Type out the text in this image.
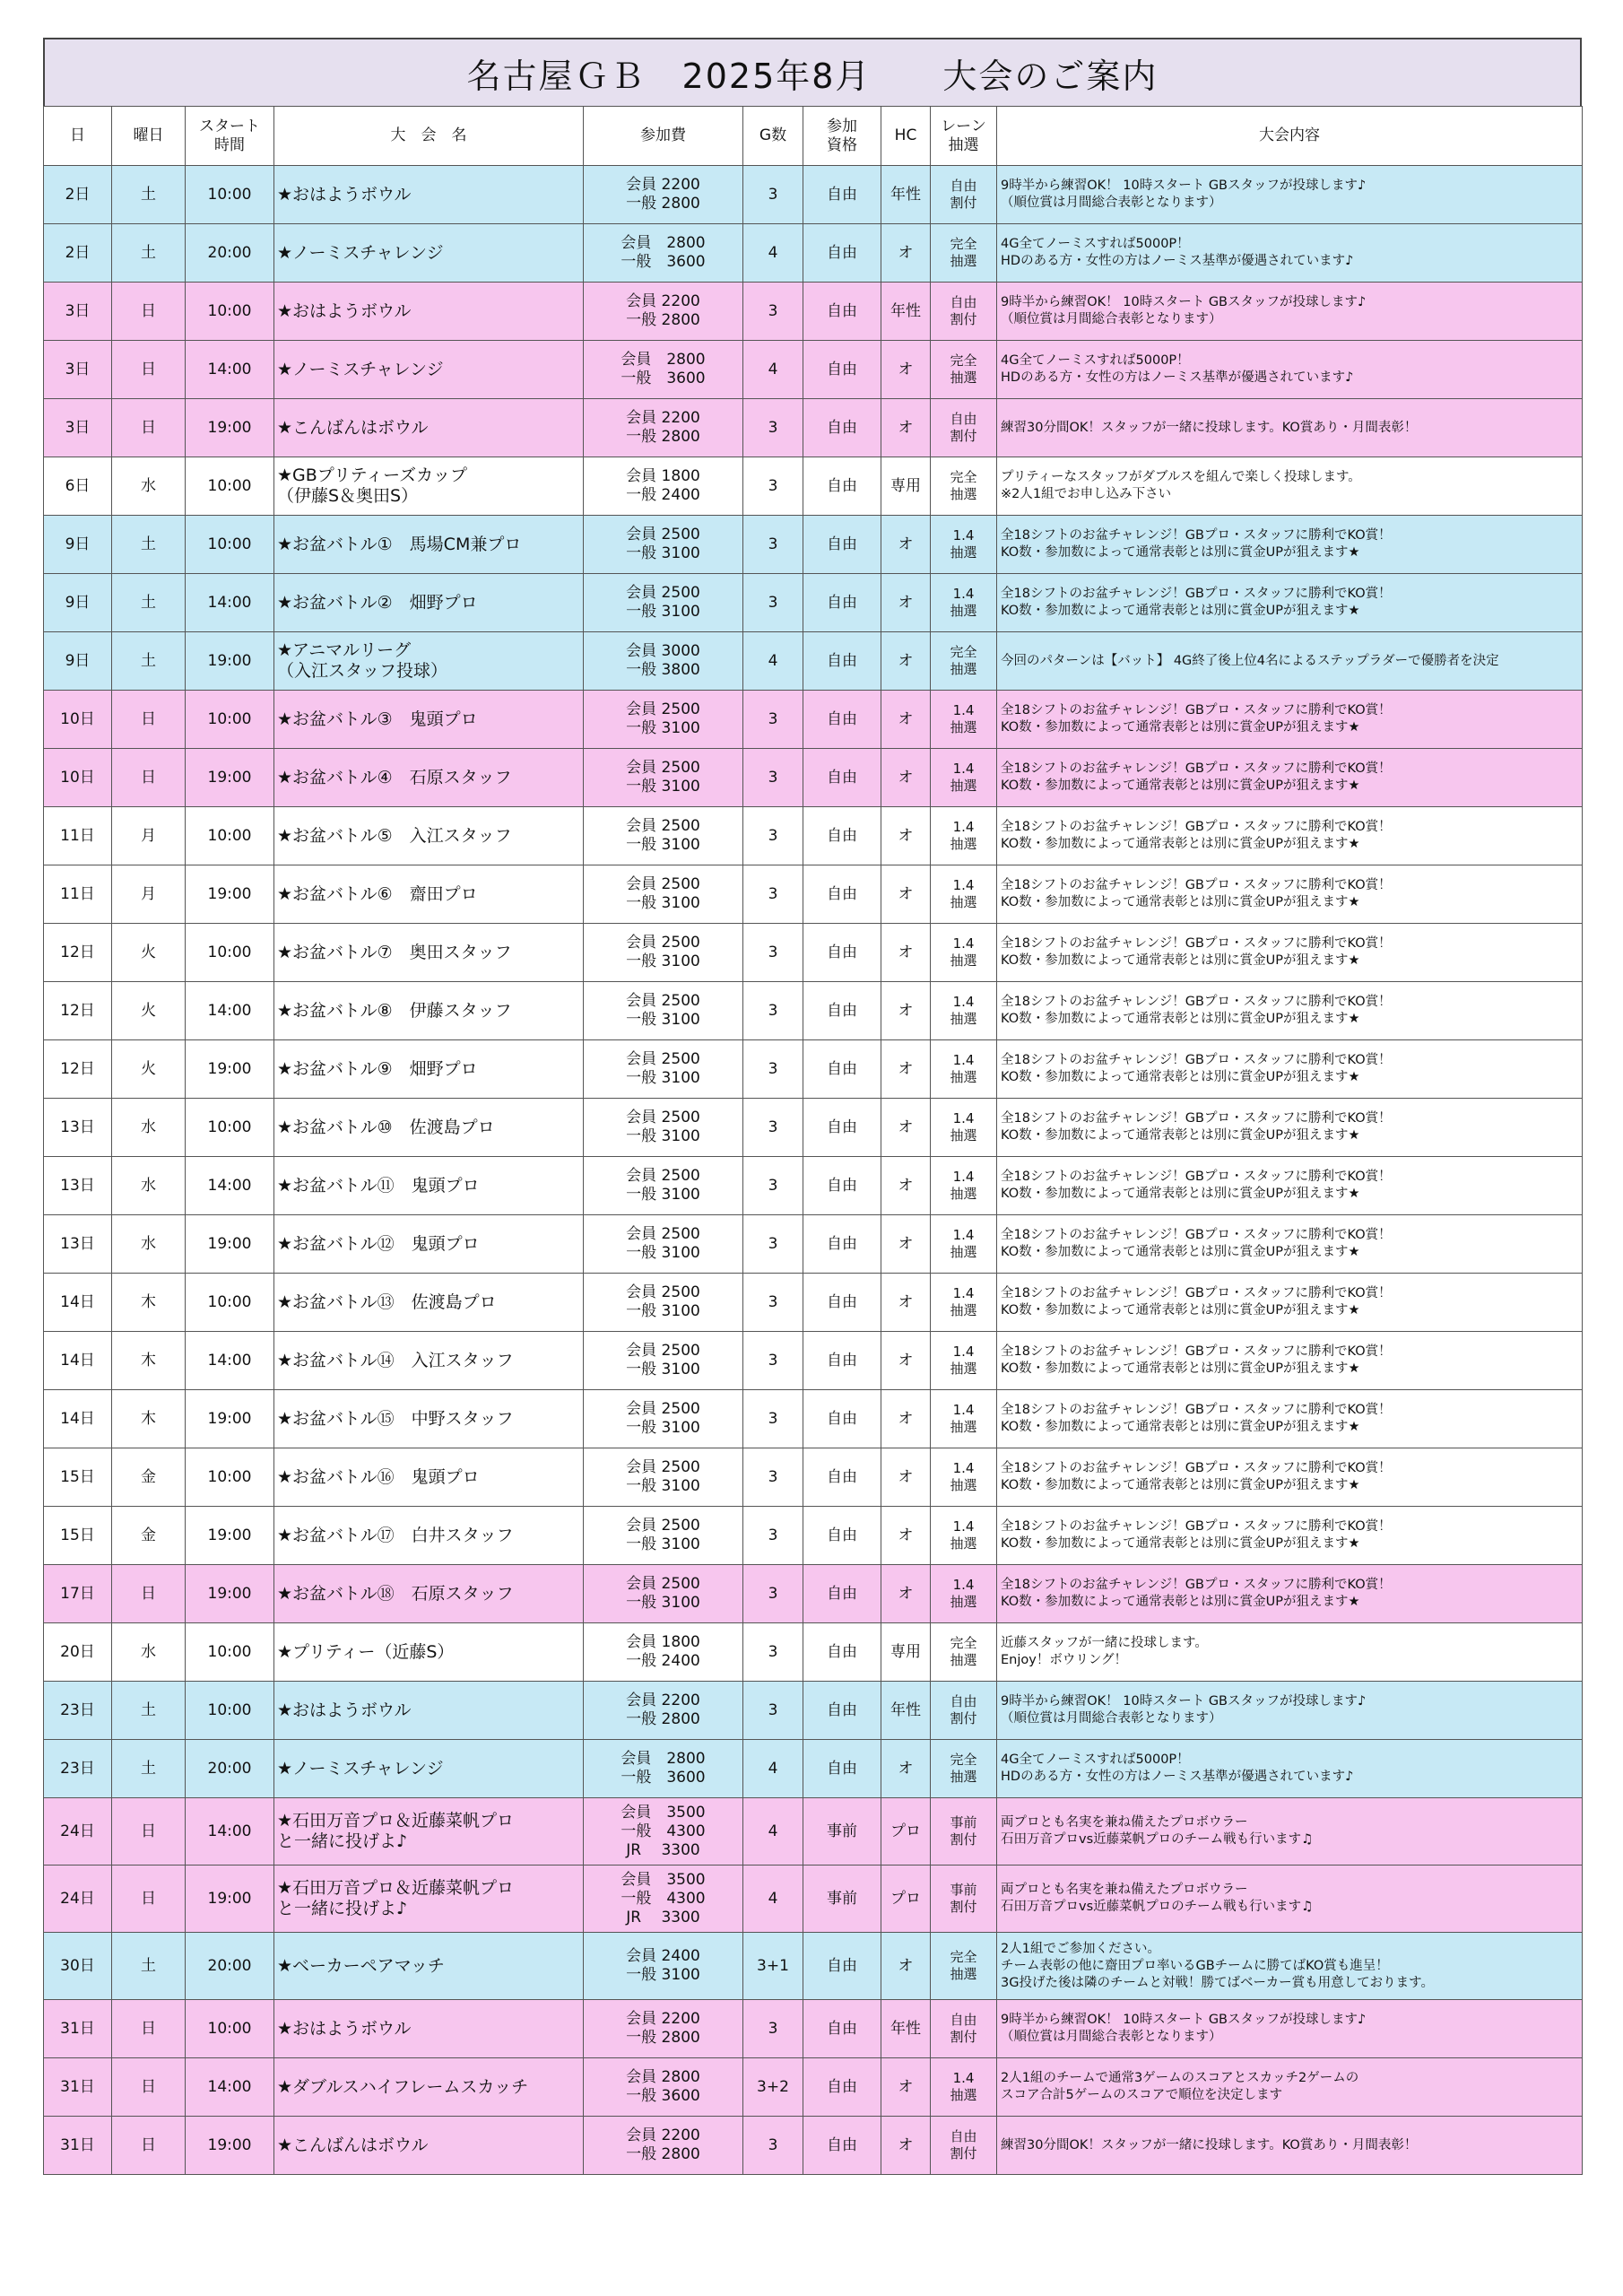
名古屋ＧＢ　2025年8月　　大会のご案内
日	曜日	スタート
時間	大　会　名	参加費	G数	参加
資格	HC	レーン
抽選	大会内容

2日	土	10:00	★おはようボウル	会員 2200
一般 2800	3	自由	年性	自由
割付	9時半から練習OK！ 10時スタート GBスタッフが投球します♪
（順位賞は月間総合表彰となります）

2日	土	20:00	★ノーミスチャレンジ	会員　2800
一般　3600	4	自由	オ	完全
抽選	4G全てノーミスすれば5000P！
HDのある方・女性の方はノーミス基準が優遇されています♪

3日	日	10:00	★おはようボウル	会員 2200
一般 2800	3	自由	年性	自由
割付	9時半から練習OK！ 10時スタート GBスタッフが投球します♪
（順位賞は月間総合表彰となります）

3日	日	14:00	★ノーミスチャレンジ	会員　2800
一般　3600	4	自由	オ	完全
抽選	4G全てノーミスすれば5000P！
HDのある方・女性の方はノーミス基準が優遇されています♪

3日	日	19:00	★こんばんはボウル	会員 2200
一般 2800	3	自由	オ	自由
割付	練習30分間OK！スタッフが一緒に投球します。KO賞あり・月間表彰！

6日	水	10:00	★GBプリティーズカップ
（伊藤S＆奥田S）	会員 1800
一般 2400	3	自由	専用	完全
抽選	プリティーなスタッフがダブルスを組んで楽しく投球します。
※2人1組でお申し込み下さい

9日	土	10:00	★お盆バトル①　馬場CM兼プロ	会員 2500
一般 3100	3	自由	オ	1.4
抽選	全18シフトのお盆チャレンジ！GBプロ・スタッフに勝利でKO賞！
KO数・参加数によって通常表彰とは別に賞金UPが狙えます★

9日	土	14:00	★お盆バトル②　畑野プロ	会員 2500
一般 3100	3	自由	オ	1.4
抽選	全18シフトのお盆チャレンジ！GBプロ・スタッフに勝利でKO賞！
KO数・参加数によって通常表彰とは別に賞金UPが狙えます★

9日	土	19:00	★アニマルリーグ
（入江スタッフ投球）	会員 3000
一般 3800	4	自由	オ	完全
抽選	今回のパターンは【バット】 4G終了後上位4名によるステップラダーで優勝者を決定

10日	日	10:00	★お盆バトル③　鬼頭プロ	会員 2500
一般 3100	3	自由	オ	1.4
抽選	全18シフトのお盆チャレンジ！GBプロ・スタッフに勝利でKO賞！
KO数・参加数によって通常表彰とは別に賞金UPが狙えます★

10日	日	19:00	★お盆バトル④　石原スタッフ	会員 2500
一般 3100	3	自由	オ	1.4
抽選	全18シフトのお盆チャレンジ！GBプロ・スタッフに勝利でKO賞！
KO数・参加数によって通常表彰とは別に賞金UPが狙えます★

11日	月	10:00	★お盆バトル⑤　入江スタッフ	会員 2500
一般 3100	3	自由	オ	1.4
抽選	全18シフトのお盆チャレンジ！GBプロ・スタッフに勝利でKO賞！
KO数・参加数によって通常表彰とは別に賞金UPが狙えます★

11日	月	19:00	★お盆バトル⑥　齋田プロ	会員 2500
一般 3100	3	自由	オ	1.4
抽選	全18シフトのお盆チャレンジ！GBプロ・スタッフに勝利でKO賞！
KO数・参加数によって通常表彰とは別に賞金UPが狙えます★

12日	火	10:00	★お盆バトル⑦　奥田スタッフ	会員 2500
一般 3100	3	自由	オ	1.4
抽選	全18シフトのお盆チャレンジ！GBプロ・スタッフに勝利でKO賞！
KO数・参加数によって通常表彰とは別に賞金UPが狙えます★

12日	火	14:00	★お盆バトル⑧　伊藤スタッフ	会員 2500
一般 3100	3	自由	オ	1.4
抽選	全18シフトのお盆チャレンジ！GBプロ・スタッフに勝利でKO賞！
KO数・参加数によって通常表彰とは別に賞金UPが狙えます★

12日	火	19:00	★お盆バトル⑨　畑野プロ	会員 2500
一般 3100	3	自由	オ	1.4
抽選	全18シフトのお盆チャレンジ！GBプロ・スタッフに勝利でKO賞！
KO数・参加数によって通常表彰とは別に賞金UPが狙えます★

13日	水	10:00	★お盆バトル⑩　佐渡島プロ	会員 2500
一般 3100	3	自由	オ	1.4
抽選	全18シフトのお盆チャレンジ！GBプロ・スタッフに勝利でKO賞！
KO数・参加数によって通常表彰とは別に賞金UPが狙えます★

13日	水	14:00	★お盆バトル⑪　鬼頭プロ	会員 2500
一般 3100	3	自由	オ	1.4
抽選	全18シフトのお盆チャレンジ！GBプロ・スタッフに勝利でKO賞！
KO数・参加数によって通常表彰とは別に賞金UPが狙えます★

13日	水	19:00	★お盆バトル⑫　鬼頭プロ	会員 2500
一般 3100	3	自由	オ	1.4
抽選	全18シフトのお盆チャレンジ！GBプロ・スタッフに勝利でKO賞！
KO数・参加数によって通常表彰とは別に賞金UPが狙えます★

14日	木	10:00	★お盆バトル⑬　佐渡島プロ	会員 2500
一般 3100	3	自由	オ	1.4
抽選	全18シフトのお盆チャレンジ！GBプロ・スタッフに勝利でKO賞！
KO数・参加数によって通常表彰とは別に賞金UPが狙えます★

14日	木	14:00	★お盆バトル⑭　入江スタッフ	会員 2500
一般 3100	3	自由	オ	1.4
抽選	全18シフトのお盆チャレンジ！GBプロ・スタッフに勝利でKO賞！
KO数・参加数によって通常表彰とは別に賞金UPが狙えます★

14日	木	19:00	★お盆バトル⑮　中野スタッフ	会員 2500
一般 3100	3	自由	オ	1.4
抽選	全18シフトのお盆チャレンジ！GBプロ・スタッフに勝利でKO賞！
KO数・参加数によって通常表彰とは別に賞金UPが狙えます★

15日	金	10:00	★お盆バトル⑯　鬼頭プロ	会員 2500
一般 3100	3	自由	オ	1.4
抽選	全18シフトのお盆チャレンジ！GBプロ・スタッフに勝利でKO賞！
KO数・参加数によって通常表彰とは別に賞金UPが狙えます★

15日	金	19:00	★お盆バトル⑰　白井スタッフ	会員 2500
一般 3100	3	自由	オ	1.4
抽選	全18シフトのお盆チャレンジ！GBプロ・スタッフに勝利でKO賞！
KO数・参加数によって通常表彰とは別に賞金UPが狙えます★

17日	日	19:00	★お盆バトル⑱　石原スタッフ	会員 2500
一般 3100	3	自由	オ	1.4
抽選	全18シフトのお盆チャレンジ！GBプロ・スタッフに勝利でKO賞！
KO数・参加数によって通常表彰とは別に賞金UPが狙えます★

20日	水	10:00	★プリティー（近藤S）	会員 1800
一般 2400	3	自由	専用	完全
抽選	近藤スタッフが一緒に投球します。
Enjoy！ボウリング！

23日	土	10:00	★おはようボウル	会員 2200
一般 2800	3	自由	年性	自由
割付	9時半から練習OK！ 10時スタート GBスタッフが投球します♪
（順位賞は月間総合表彰となります）

23日	土	20:00	★ノーミスチャレンジ	会員　2800
一般　3600	4	自由	オ	完全
抽選	4G全てノーミスすれば5000P！
HDのある方・女性の方はノーミス基準が優遇されています♪

24日	日	14:00	★石田万音プロ＆近藤菜帆プロ
と一緒に投げよ♪	会員　3500
一般　4300
JR　 3300	4	事前	プロ	事前
割付	両プロとも名実を兼ね備えたプロボウラー
石田万音プロvs近藤菜帆プロのチーム戦も行います♫

24日	日	19:00	★石田万音プロ＆近藤菜帆プロ
と一緒に投げよ♪	会員　3500
一般　4300
JR　 3300	4	事前	プロ	事前
割付	両プロとも名実を兼ね備えたプロボウラー
石田万音プロvs近藤菜帆プロのチーム戦も行います♫

30日	土	20:00	★ベーカーペアマッチ	会員 2400
一般 3100	3+1	自由	オ	完全
抽選	2人1組でご参加ください。
チーム表彰の他に齋田プロ率いるGBチームに勝てばKO賞も進呈！
3G投げた後は隣のチームと対戦！勝てばベーカー賞も用意しております。

31日	日	10:00	★おはようボウル	会員 2200
一般 2800	3	自由	年性	自由
割付	9時半から練習OK！ 10時スタート GBスタッフが投球します♪
（順位賞は月間総合表彰となります）

31日	日	14:00	★ダブルスハイフレームスカッチ	会員 2800
一般 3600	3+2	自由	オ	1.4
抽選	2人1組のチームで通常3ゲームのスコアとスカッチ2ゲームの
スコア合計5ゲームのスコアで順位を決定します

31日	日	19:00	★こんばんはボウル	会員 2200
一般 2800	3	自由	オ	自由
割付	練習30分間OK！スタッフが一緒に投球します。KO賞あり・月間表彰！
